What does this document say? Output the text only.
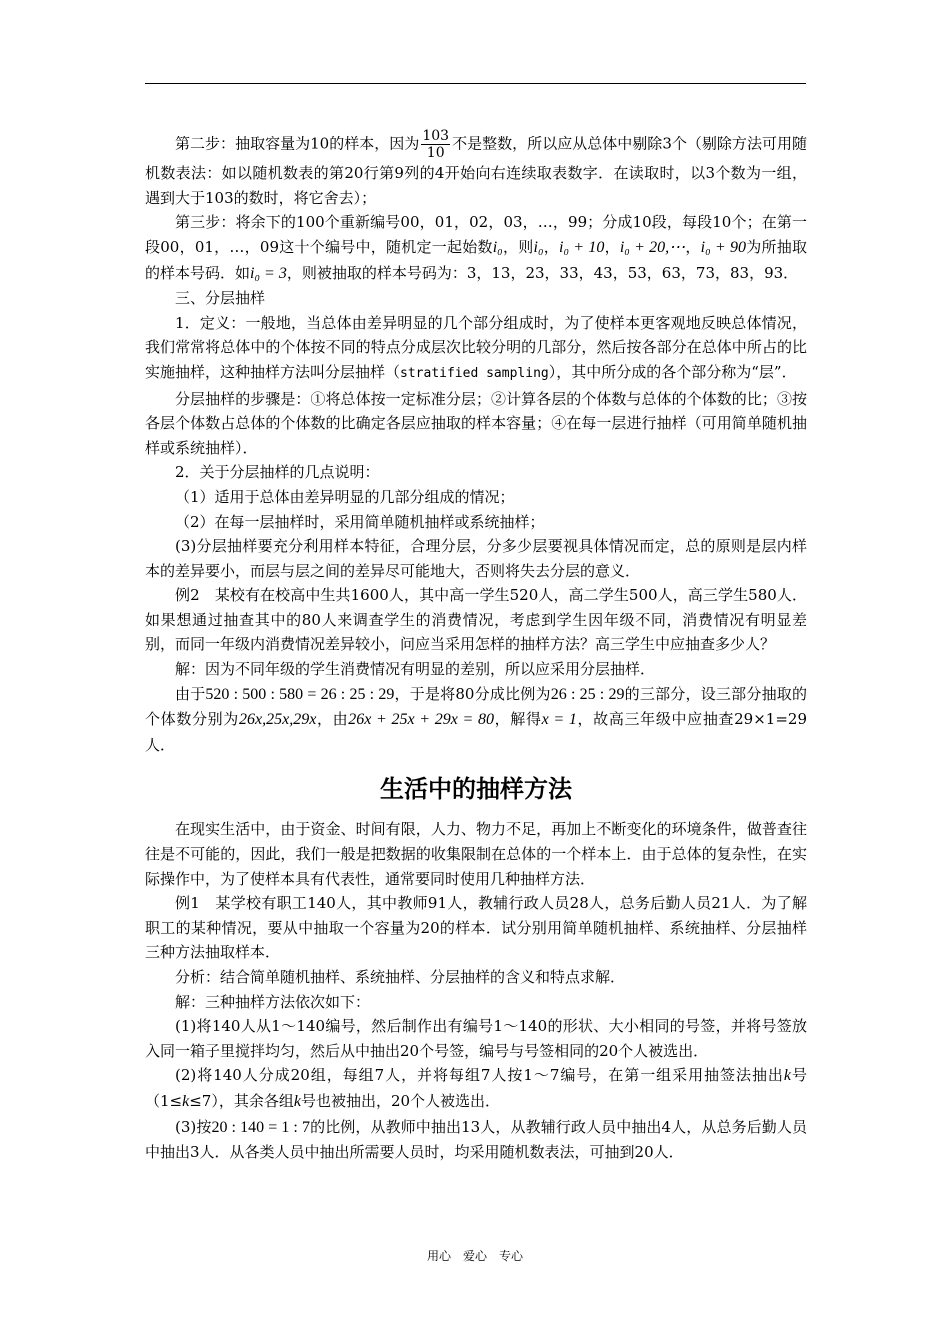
第二步：抽取容量为10的样本，因为 $\frac{103}{10}$ 不是整数，所以应从总体中剔除3个（剔除方法可用随机数表法：如以随机数表的第20行第9列的4开始向右连续取表数字．在读取时，以3个数为一组，遇到大于103的数时，将它舍去）；

第三步：将余下的100个重新编号00，01，02，03，…，99；分成10段，每段10个；在第一段00，01，…，09这十个编号中，随机定一起始数i₀，则i₀，i₀ + 10，i₀ + 20,⋯，i₀ + 90为所抽取的样本号码．如i₀ = 3，则被抽取的样本号码为：3，13，23，33，43，53，63，73，83，93．

三、分层抽样

1．定义：一般地，当总体由差异明显的几个部分组成时，为了使样本更客观地反映总体情况，我们常常将总体中的个体按不同的特点分成层次比较分明的几部分，然后按各部分在总体中所占的比实施抽样，这种抽样方法叫分层抽样（stratified sampling），其中所分成的各个部分称为“层”．

分层抽样的步骤是：①将总体按一定标准分层；②计算各层的个体数与总体的个体数的比；③按各层个体数占总体的个体数的比确定各层应抽取的样本容量；④在每一层进行抽样（可用简单随机抽样或系统抽样）．

2．关于分层抽样的几点说明：

（1）适用于总体由差异明显的几部分组成的情况；

（2）在每一层抽样时，采用简单随机抽样或系统抽样；

(3)分层抽样要充分利用样本特征，合理分层，分多少层要视具体情况而定，总的原则是层内样本的差异要小，而层与层之间的差异尽可能地大，否则将失去分层的意义．

例2　某校有在校高中生共1600人，其中高一学生520人，高二学生500人，高三学生580人．如果想通过抽查其中的80人来调查学生的消费情况，考虑到学生因年级不同，消费情况有明显差别，而同一年级内消费情况差异较小，问应当采用怎样的抽样方法？高三学生中应抽查多少人？

解：因为不同年级的学生消费情况有明显的差别，所以应采用分层抽样．

由于520 : 500 : 580 = 26 : 25 : 29，于是将80分成比例为26 : 25 : 29的三部分，设三部分抽取的个体数分别为26x,25x,29x，由26x + 25x + 29x = 80，解得x = 1，故高三年级中应抽查29×1=29人．

生活中的抽样方法

在现实生活中，由于资金、时间有限，人力、物力不足，再加上不断变化的环境条件，做普查往往是不可能的，因此，我们一般是把数据的收集限制在总体的一个样本上．由于总体的复杂性，在实际操作中，为了使样本具有代表性，通常要同时使用几种抽样方法．

例1　某学校有职工140人，其中教师91人，教辅行政人员28人，总务后勤人员21人．为了解职工的某种情况，要从中抽取一个容量为20的样本．试分别用简单随机抽样、系统抽样、分层抽样三种方法抽取样本．

分析：结合简单随机抽样、系统抽样、分层抽样的含义和特点求解．

解：三种抽样方法依次如下：

(1)将140人从1～140编号，然后制作出有编号1～140的形状、大小相同的号签，并将号签放入同一箱子里搅拌均匀，然后从中抽出20个号签，编号与号签相同的20个人被选出．

(2)将140人分成20组，每组7人，并将每组7人按1～7编号，在第一组采用抽签法抽出k号（1≤k≤7），其余各组k号也被抽出，20个人被选出．

(3)按20 : 140 = 1 : 7的比例，从教师中抽出13人，从教辅行政人员中抽出4人，从总务后勤人员中抽出3人．从各类人员中抽出所需要人员时，均采用随机数表法，可抽到20人．

用心　爱心　专心
